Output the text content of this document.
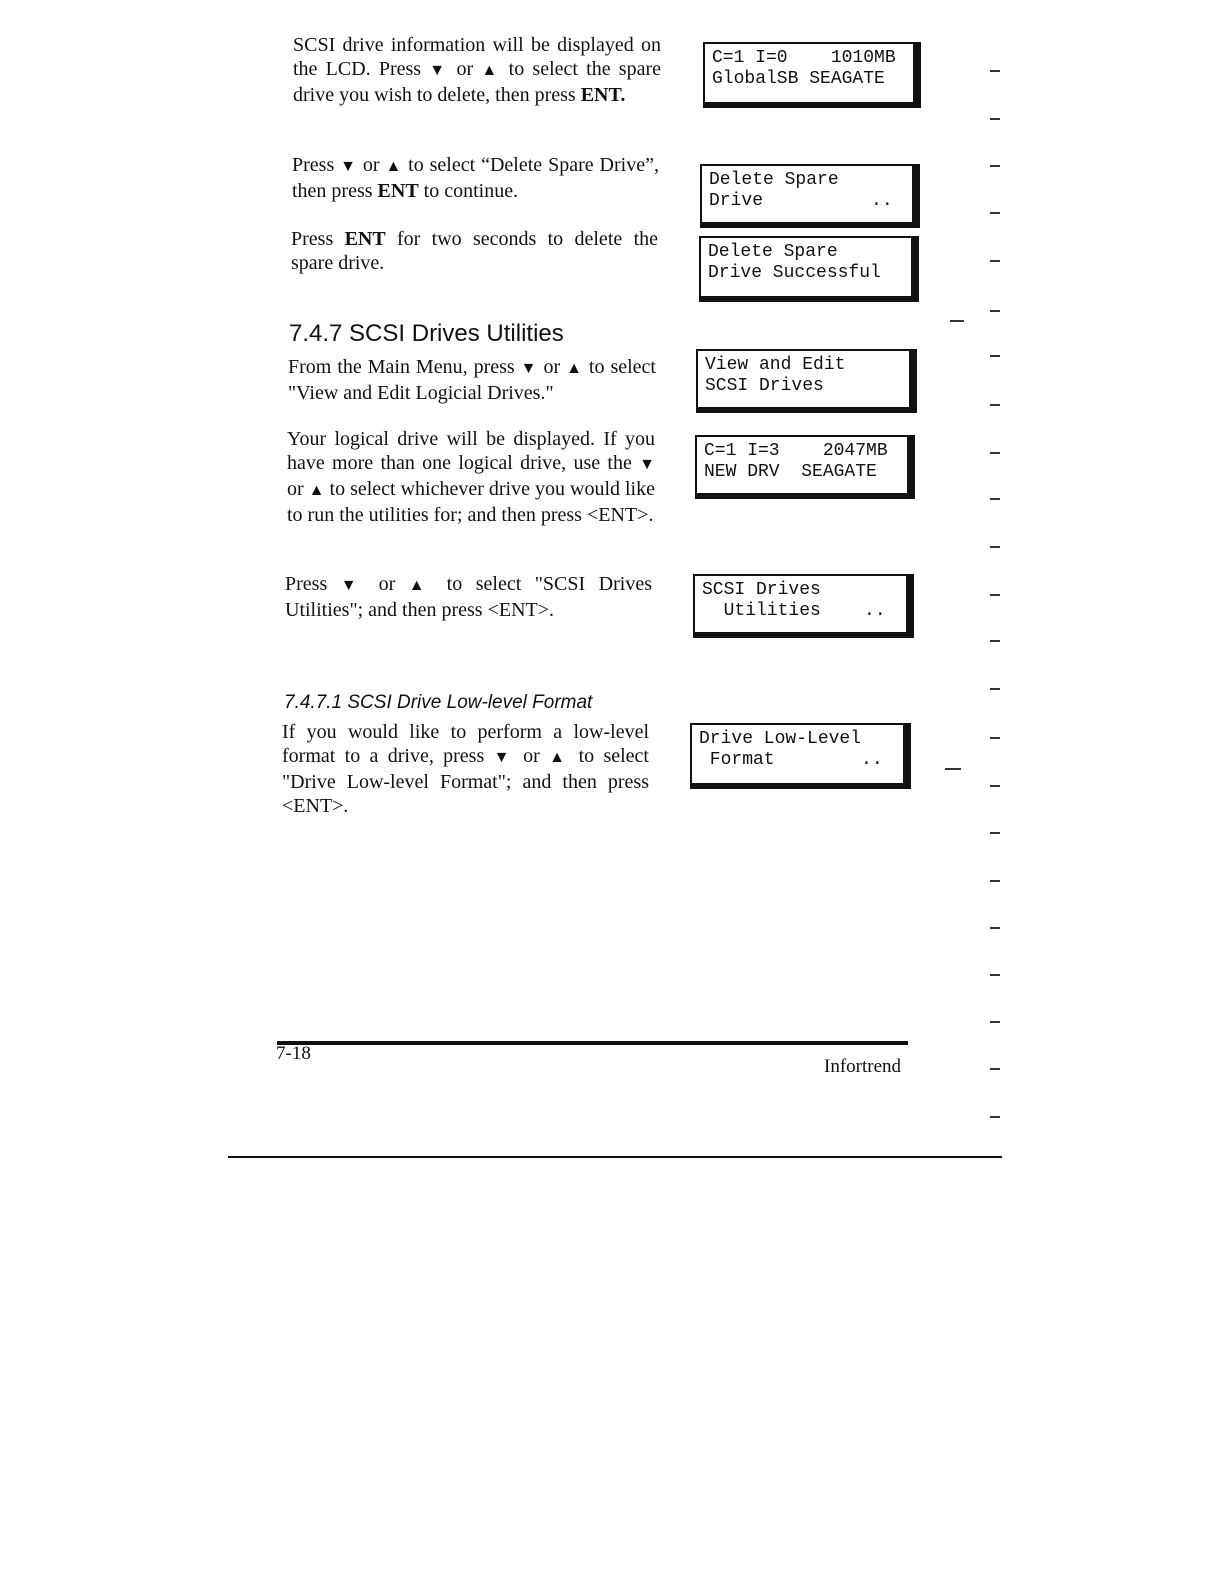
SCSI drive information will be displayed on the LCD. Press ▼ or ▲ to select the spare drive you wish to delete, then press ENT.

Press ▼ or ▲ to select “Delete Spare Drive”, then press ENT to continue.

Press ENT for two seconds to delete the spare drive.

7.4.7 SCSI Drives Utilities

From the Main Menu, press ▼ or ▲ to select "View and Edit Logicial Drives."

Your logical drive will be displayed. If you have more than one logical drive, use the ▼ or ▲ to select whichever drive you would like to run the utilities for; and then press <ENT>.

Press ▼ or ▲ to select "SCSI Drives Utilities"; and then press <ENT>.

7.4.7.1 SCSI Drive Low-level Format

If you would like to perform a low-level format to a drive, press ▼ or ▲ to select "Drive Low-level Format"; and then press <ENT>.

C=1 I=0    1010MB
GlobalSB SEAGATE
Delete Spare
Drive          ..
Delete Spare
Drive Successful
View and Edit
SCSI Drives
C=1 I=3    2047MB
NEW DRV  SEAGATE
SCSI Drives
Utilities    ..
Drive Low-Level
Format        ..
7-18
Infortrend
